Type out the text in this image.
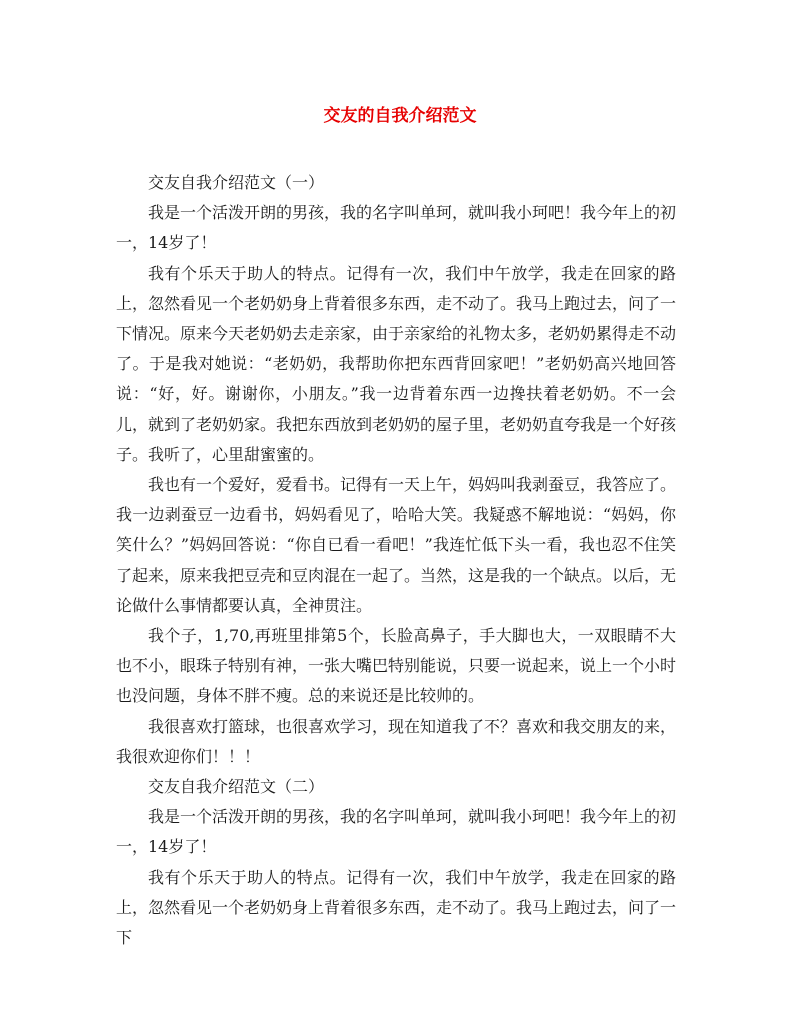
交友的自我介绍范文

交友自我介绍范文（一）

我是一个活泼开朗的男孩，我的名字叫单珂，就叫我小珂吧！我今年上的初一，14岁了！

我有个乐天于助人的特点。记得有一次，我们中午放学，我走在回家的路上，忽然看见一个老奶奶身上背着很多东西，走不动了。我马上跑过去，问了一下情况。原来今天老奶奶去走亲家，由于亲家给的礼物太多，老奶奶累得走不动了。于是我对她说：“老奶奶，我帮助你把东西背回家吧！”老奶奶高兴地回答说：“好，好。谢谢你，小朋友。”我一边背着东西一边搀扶着老奶奶。不一会儿，就到了老奶奶家。我把东西放到老奶奶的屋子里，老奶奶直夸我是一个好孩子。我听了，心里甜蜜蜜的。

我也有一个爱好，爱看书。记得有一天上午，妈妈叫我剥蚕豆，我答应了。我一边剥蚕豆一边看书，妈妈看见了，哈哈大笑。我疑惑不解地说：“妈妈，你笑什么？”妈妈回答说：“你自已看一看吧！”我连忙低下头一看，我也忍不住笑了起来，原来我把豆壳和豆肉混在一起了。当然，这是我的一个缺点。以后，无论做什么事情都要认真，全神贯注。

我个子，1,70,再班里排第5个，长脸高鼻子，手大脚也大，一双眼睛不大也不小，眼珠子特别有神，一张大嘴巴特别能说，只要一说起来，说上一个小时也没问题，身体不胖不瘦。总的来说还是比较帅的。

我很喜欢打篮球，也很喜欢学习，现在知道我了不？喜欢和我交朋友的来，我很欢迎你们！！！

交友自我介绍范文（二）

我是一个活泼开朗的男孩，我的名字叫单珂，就叫我小珂吧！我今年上的初一，14岁了！

我有个乐天于助人的特点。记得有一次，我们中午放学，我走在回家的路上，忽然看见一个老奶奶身上背着很多东西，走不动了。我马上跑过去，问了一下
